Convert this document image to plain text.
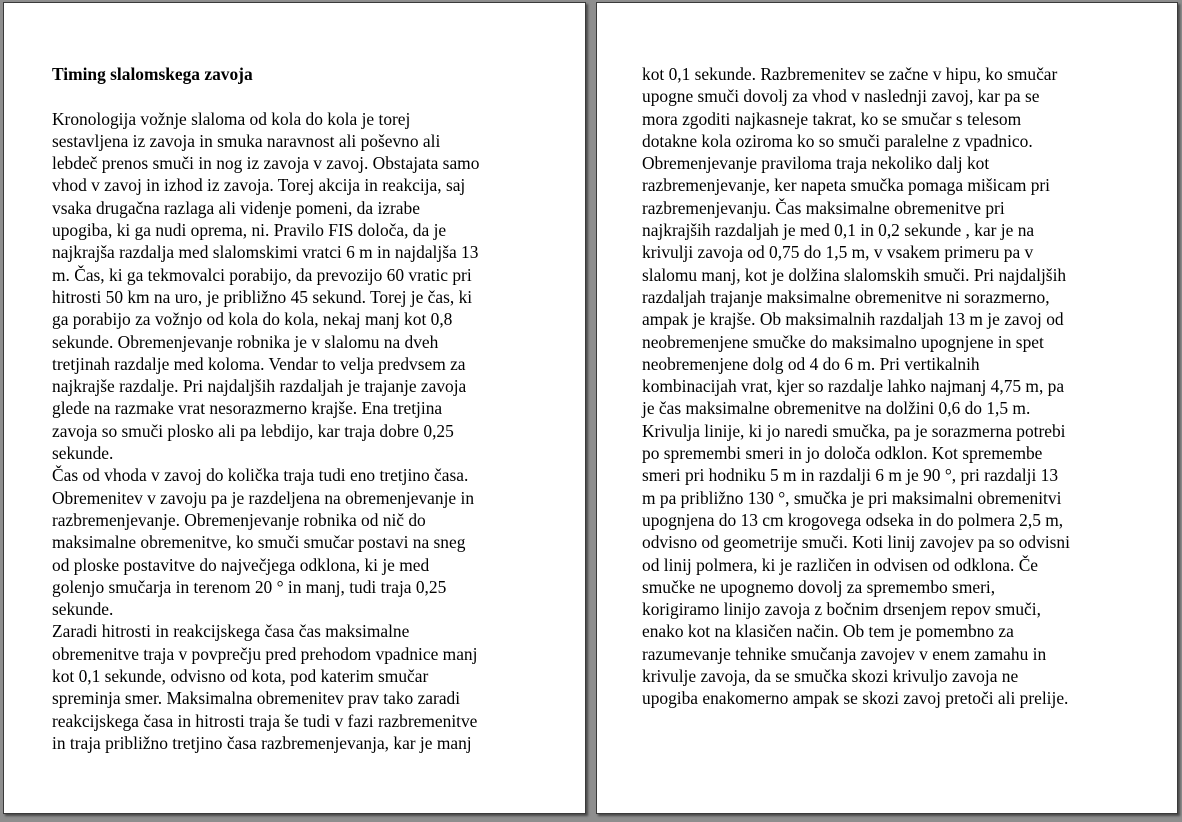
Timing slalomskega zavoja
Kronologija vožnje slaloma od kola do kola je torej
sestavljena iz zavoja in smuka naravnost ali poševno ali
lebdeč prenos smuči in nog iz zavoja v zavoj. Obstajata samo
vhod v zavoj in izhod iz zavoja. Torej akcija in reakcija, saj
vsaka drugačna razlaga ali videnje pomeni, da izrabe
upogiba, ki ga nudi oprema, ni. Pravilo FIS določa, da je
najkrajša razdalja med slalomskimi vratci 6 m in najdaljša 13
m. Čas, ki ga tekmovalci porabijo, da prevozijo 60 vratic pri
hitrosti 50 km na uro, je približno 45 sekund. Torej je čas, ki
ga porabijo za vožnjo od kola do kola, nekaj manj kot 0,8
sekunde. Obremenjevanje robnika je v slalomu na dveh
tretjinah razdalje med koloma. Vendar to velja predvsem za
najkrajše razdalje. Pri najdaljših razdaljah je trajanje zavoja
glede na razmake vrat nesorazmerno krajše. Ena tretjina
zavoja so smuči plosko ali pa lebdijo, kar traja dobre 0,25
sekunde.
Čas od vhoda v zavoj do količka traja tudi eno tretjino časa.
Obremenitev v zavoju pa je razdeljena na obremenjevanje in
razbremenjevanje. Obremenjevanje robnika od nič do
maksimalne obremenitve, ko smuči smučar postavi na sneg
od ploske postavitve do največjega odklona, ki je med
golenjo smučarja in terenom 20 ° in manj, tudi traja 0,25
sekunde.
Zaradi hitrosti in reakcijskega časa čas maksimalne
obremenitve traja v povprečju pred prehodom vpadnice manj
kot 0,1 sekunde, odvisno od kota, pod katerim smučar
spreminja smer. Maksimalna obremenitev prav tako zaradi
reakcijskega časa in hitrosti traja še tudi v fazi razbremenitve
in traja približno tretjino časa razbremenjevanja, kar je manj
kot 0,1 sekunde. Razbremenitev se začne v hipu, ko smučar
upogne smuči dovolj za vhod v naslednji zavoj, kar pa se
mora zgoditi najkasneje takrat, ko se smučar s telesom
dotakne kola oziroma ko so smuči paralelne z vpadnico.
Obremenjevanje praviloma traja nekoliko dalj kot
razbremenjevanje, ker napeta smučka pomaga mišicam pri
razbremenjevanju. Čas maksimalne obremenitve pri
najkrajših razdaljah je med 0,1 in 0,2 sekunde , kar je na
krivulji zavoja od 0,75 do 1,5 m, v vsakem primeru pa v
slalomu manj, kot je dolžina slalomskih smuči. Pri najdaljših
razdaljah trajanje maksimalne obremenitve ni sorazmerno,
ampak je krajše. Ob maksimalnih razdaljah 13 m je zavoj od
neobremenjene smučke do maksimalno upognjene in spet
neobremenjene dolg od 4 do 6 m. Pri vertikalnih
kombinacijah vrat, kjer so razdalje lahko najmanj 4,75 m, pa
je čas maksimalne obremenitve na dolžini 0,6 do 1,5 m.
Krivulja linije, ki jo naredi smučka, pa je sorazmerna potrebi
po spremembi smeri in jo določa odklon. Kot spremembe
smeri pri hodniku 5 m in razdalji 6 m je 90 °, pri razdalji 13
m pa približno 130 °, smučka je pri maksimalni obremenitvi
upognjena do 13 cm krogovega odseka in do polmera 2,5 m,
odvisno od geometrije smuči. Koti linij zavojev pa so odvisni
od linij polmera, ki je različen in odvisen od odklona. Če
smučke ne upognemo dovolj za spremembo smeri,
korigiramo linijo zavoja z bočnim drsenjem repov smuči,
enako kot na klasičen način. Ob tem je pomembno za
razumevanje tehnike smučanja zavojev v enem zamahu in
krivulje zavoja, da se smučka skozi krivuljo zavoja ne
upogiba enakomerno ampak se skozi zavoj pretoči ali prelije.
